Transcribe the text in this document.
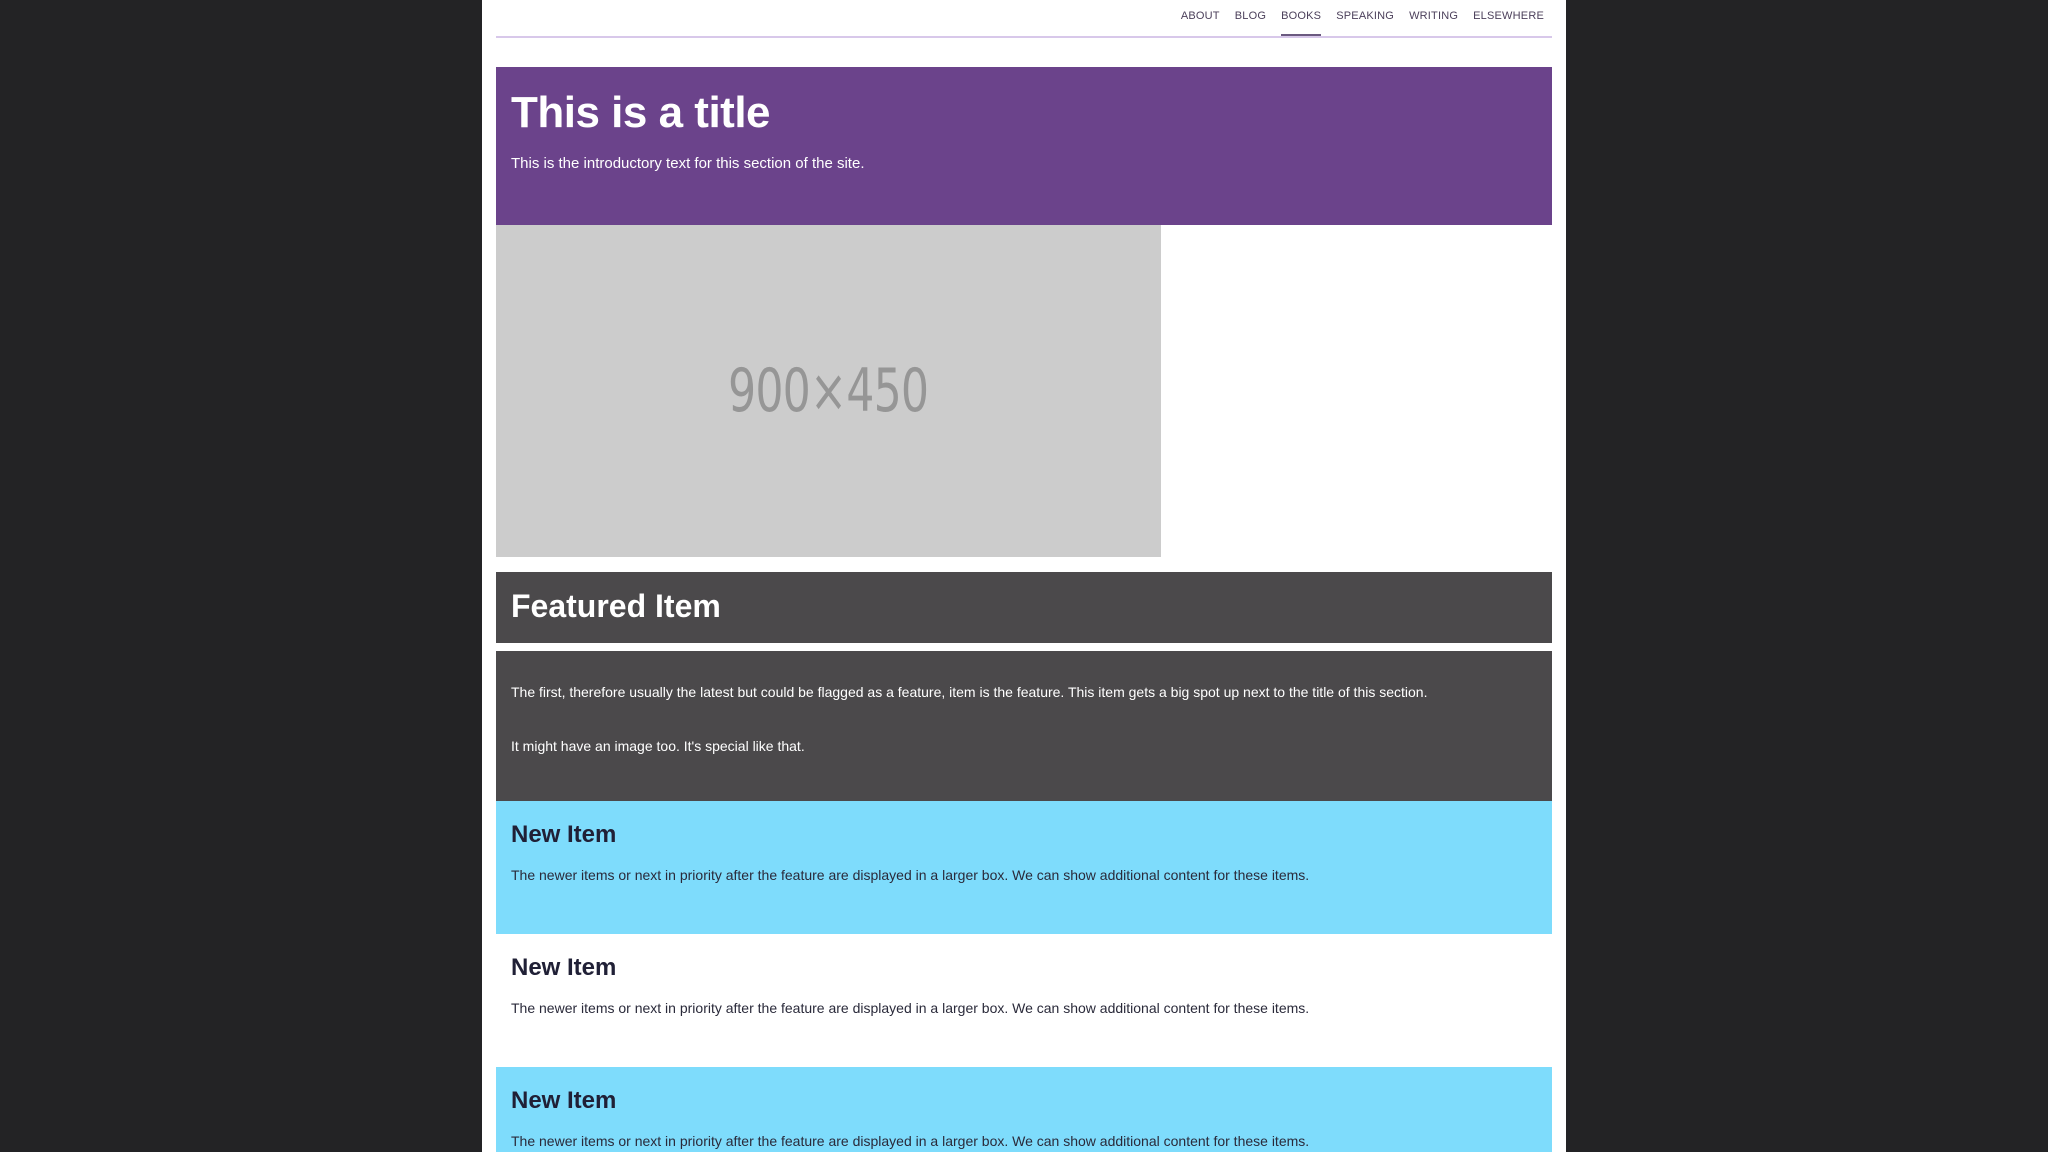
ABOUT BLOG BOOKS SPEAKING WRITING ELSEWHERE
This is a title

This is the introductory text for this section of the site.

900×450
Featured Item

The first, therefore usually the latest but could be flagged as a feature, item is the feature. This item gets a big spot up next to the title of this section.

It might have an image too. It's special like that.

New Item

The newer items or next in priority after the feature are displayed in a larger box. We can show additional content for these items.

New Item

The newer items or next in priority after the feature are displayed in a larger box. We can show additional content for these items.

New Item

The newer items or next in priority after the feature are displayed in a larger box. We can show additional content for these items.
